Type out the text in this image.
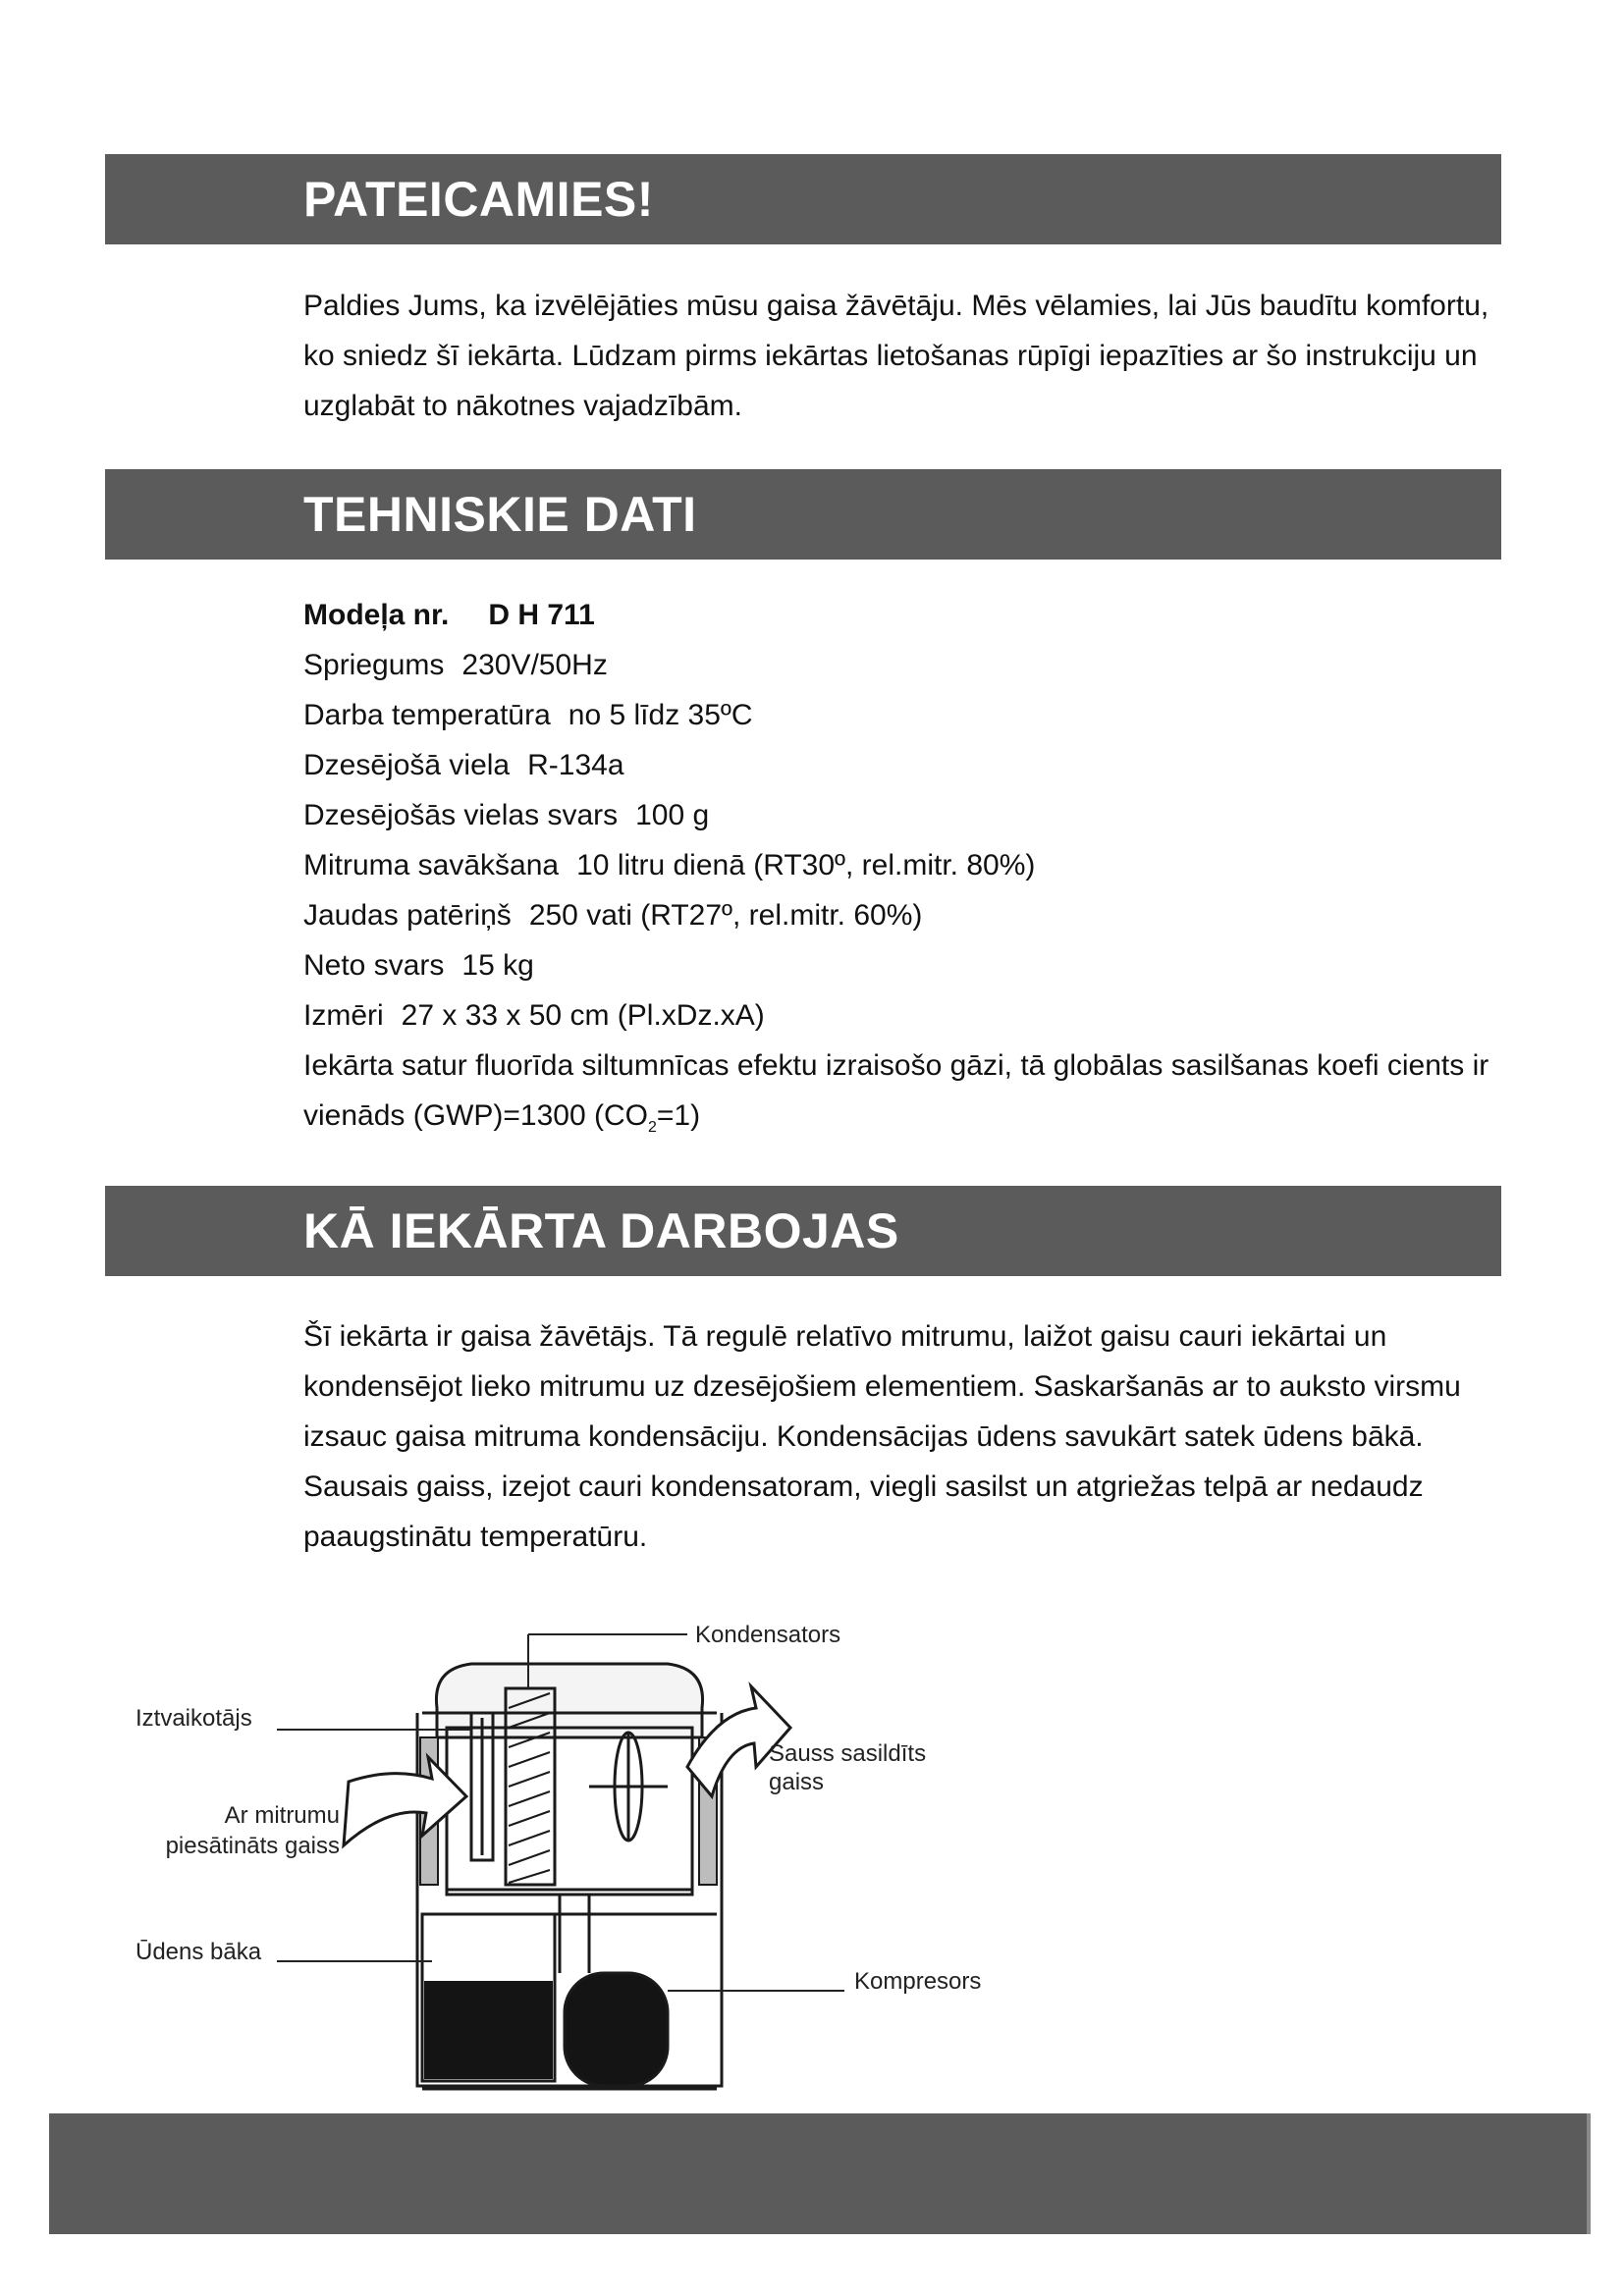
PATEICAMIES!

Paldies Jums, ka izvēlējāties mūsu gaisa žāvētāju. Mēs vēlamies, lai Jūs baudītu komfortu, ko sniedz šī iekārta. Lūdzam pirms iekārtas lietošanas rūpīgi iepazīties ar šo instrukciju un uzglabāt to nākotnes vajadzībām.

TEHNISKIE DATI
Modeļa nr. D H 711
Spriegums 230V/50Hz
Darba temperatūra no 5 līdz 35ºC
Dzesējošā viela R-134a
Dzesējošās vielas svars 100 g
Mitruma savākšana 10 litru dienā (RT30º, rel.mitr. 80%)
Jaudas patēriņš 250 vati (RT27º, rel.mitr. 60%)
Neto svars 15 kg
Izmēri 27 x 33 x 50 cm (Pl.xDz.xA)
Iekārta satur fluorīda siltumnīcas efektu izraisošo gāzi, tā globālas sasilšanas koefi cients ir vienāds (GWP)=1300 $(CO_2=1)$
KĀ IEKĀRTA DARBOJAS

Šī iekārta ir gaisa žāvētājs. Tā regulē relatīvo mitrumu, laižot gaisu cauri iekārtai un kondensējot lieko mitrumu uz dzesējošiem elementiem. Saskaršanās ar to auksto virsmu izsauc gaisa mitruma kondensāciju. Kondensācijas ūdens savukārt satek ūdens bākā. Sausais gaiss, izejot cauri kondensatoram, viegli sasilst un atgriežas telpā ar nedaudz paaugstinātu temperatūru.

Kondensators
Iztvaikotājs
Sauss sasildīts
gaiss
Ar mitrumu
piesātināts gaiss
Ūdens bāka
Kompresors
